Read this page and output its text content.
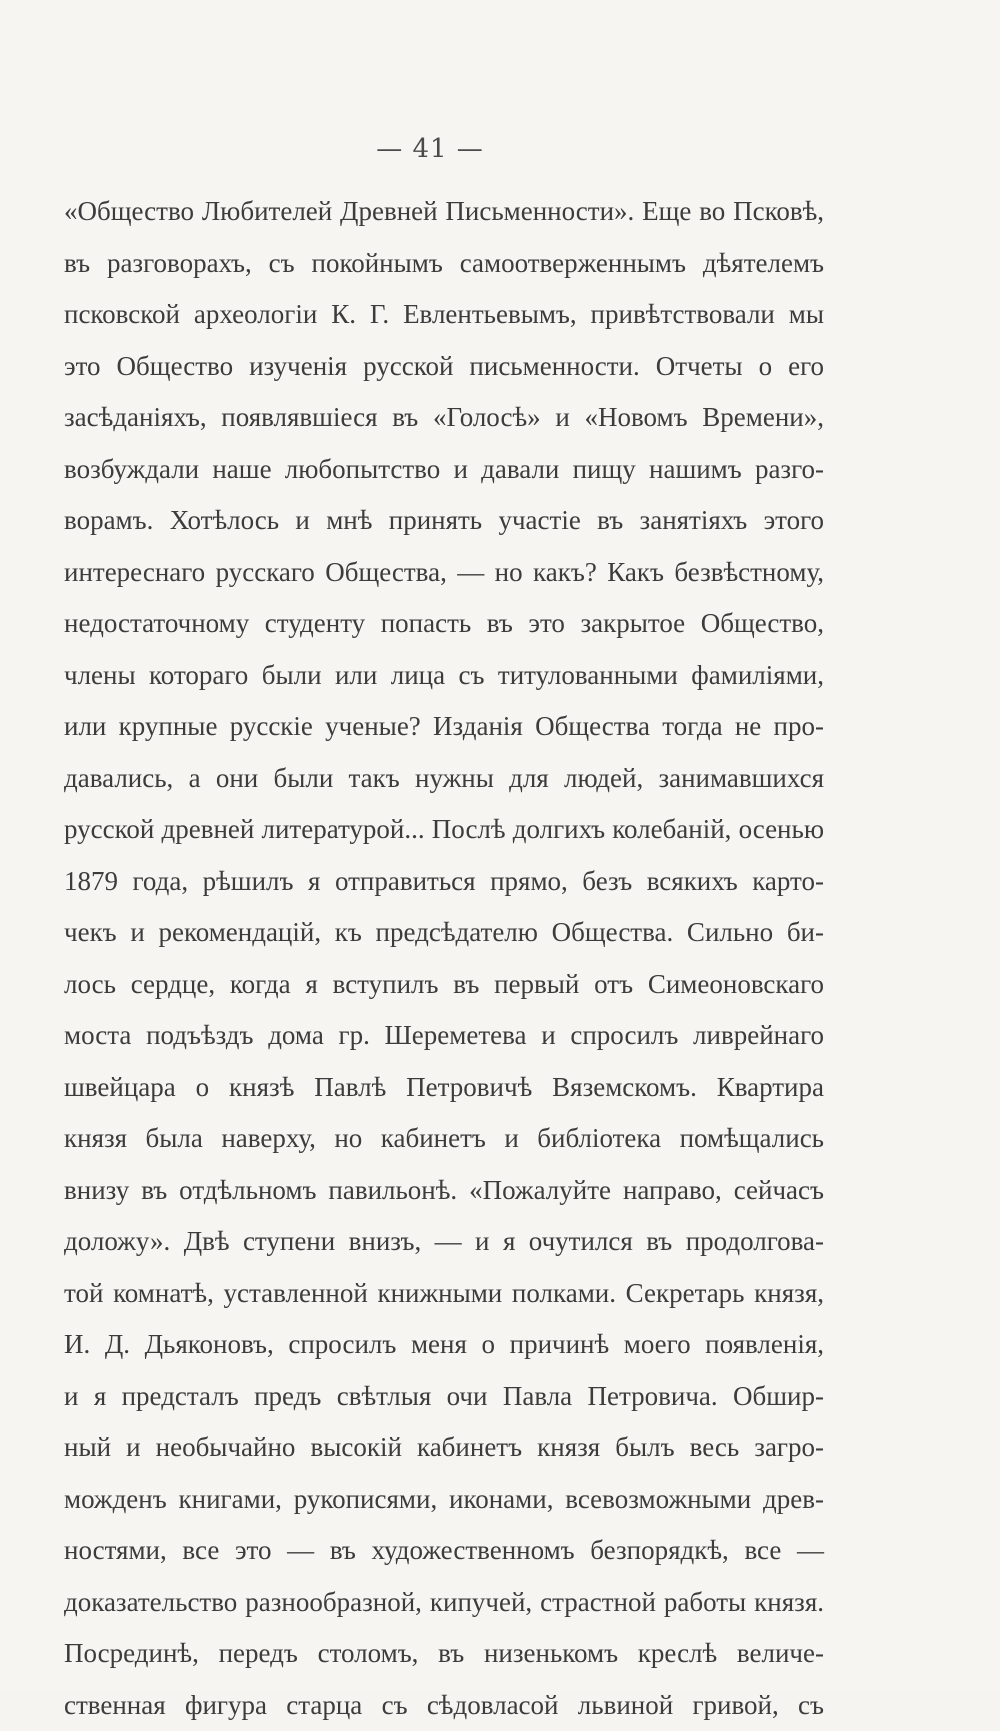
— 41 —
«Общество Любителей Древней Письменности». Еще во Псковѣ,
въ разговорахъ, съ покойнымъ самоотверженнымъ дѣятелемъ
псковской археологіи К. Г. Евлентьевымъ, привѣтствовали мы
это Общество изученія русской письменности. Отчеты о его
засѣданіяхъ, появлявшіеся въ «Голосѣ» и «Новомъ Времени»,
возбуждали наше любопытство и давали пищу нашимъ разго-
ворамъ. Хотѣлось и мнѣ принять участіе въ занятіяхъ этого
интереснаго русскаго Общества, — но какъ? Какъ безвѣстному,
недостаточному студенту попасть въ это закрытое Общество,
члены котораго были или лица съ титулованными фамиліями,
или крупные русскіе ученые? Изданія Общества тогда не про-
давались, а они были такъ нужны для людей, занимавшихся
русской древней литературой... Послѣ долгихъ колебаній, осенью
1879 года, рѣшилъ я отправиться прямо, безъ всякихъ карто-
чекъ и рекомендацій, къ предсѣдателю Общества. Сильно би-
лось сердце, когда я вступилъ въ первый отъ Симеоновскаго
моста подъѣздъ дома гр. Шереметева и спросилъ ливрейнаго
швейцара о князѣ Павлѣ Петровичѣ Вяземскомъ. Квартира
князя была наверху, но кабинетъ и библіотека помѣщались
внизу въ отдѣльномъ павильонѣ. «Пожалуйте направо, сейчасъ
доложу». Двѣ ступени внизъ, — и я очутился въ продолгова-
той комнатѣ, уставленной книжными полками. Секретарь князя,
И. Д. Дьяконовъ, спросилъ меня о причинѣ моего появленія,
и я предсталъ предъ свѣтлыя очи Павла Петровича. Обшир-
ный и необычайно высокій кабинетъ князя былъ весь загро-
можденъ книгами, рукописями, иконами, всевозможными древ-
ностями, все это — въ художественномъ безпорядкѣ, все —
доказательство разнообразной, кипучей, страстной работы князя.
Посрединѣ, передъ столомъ, въ низенькомъ креслѣ величе-
ственная фигура старца съ сѣдовласой львиной гривой, съ
